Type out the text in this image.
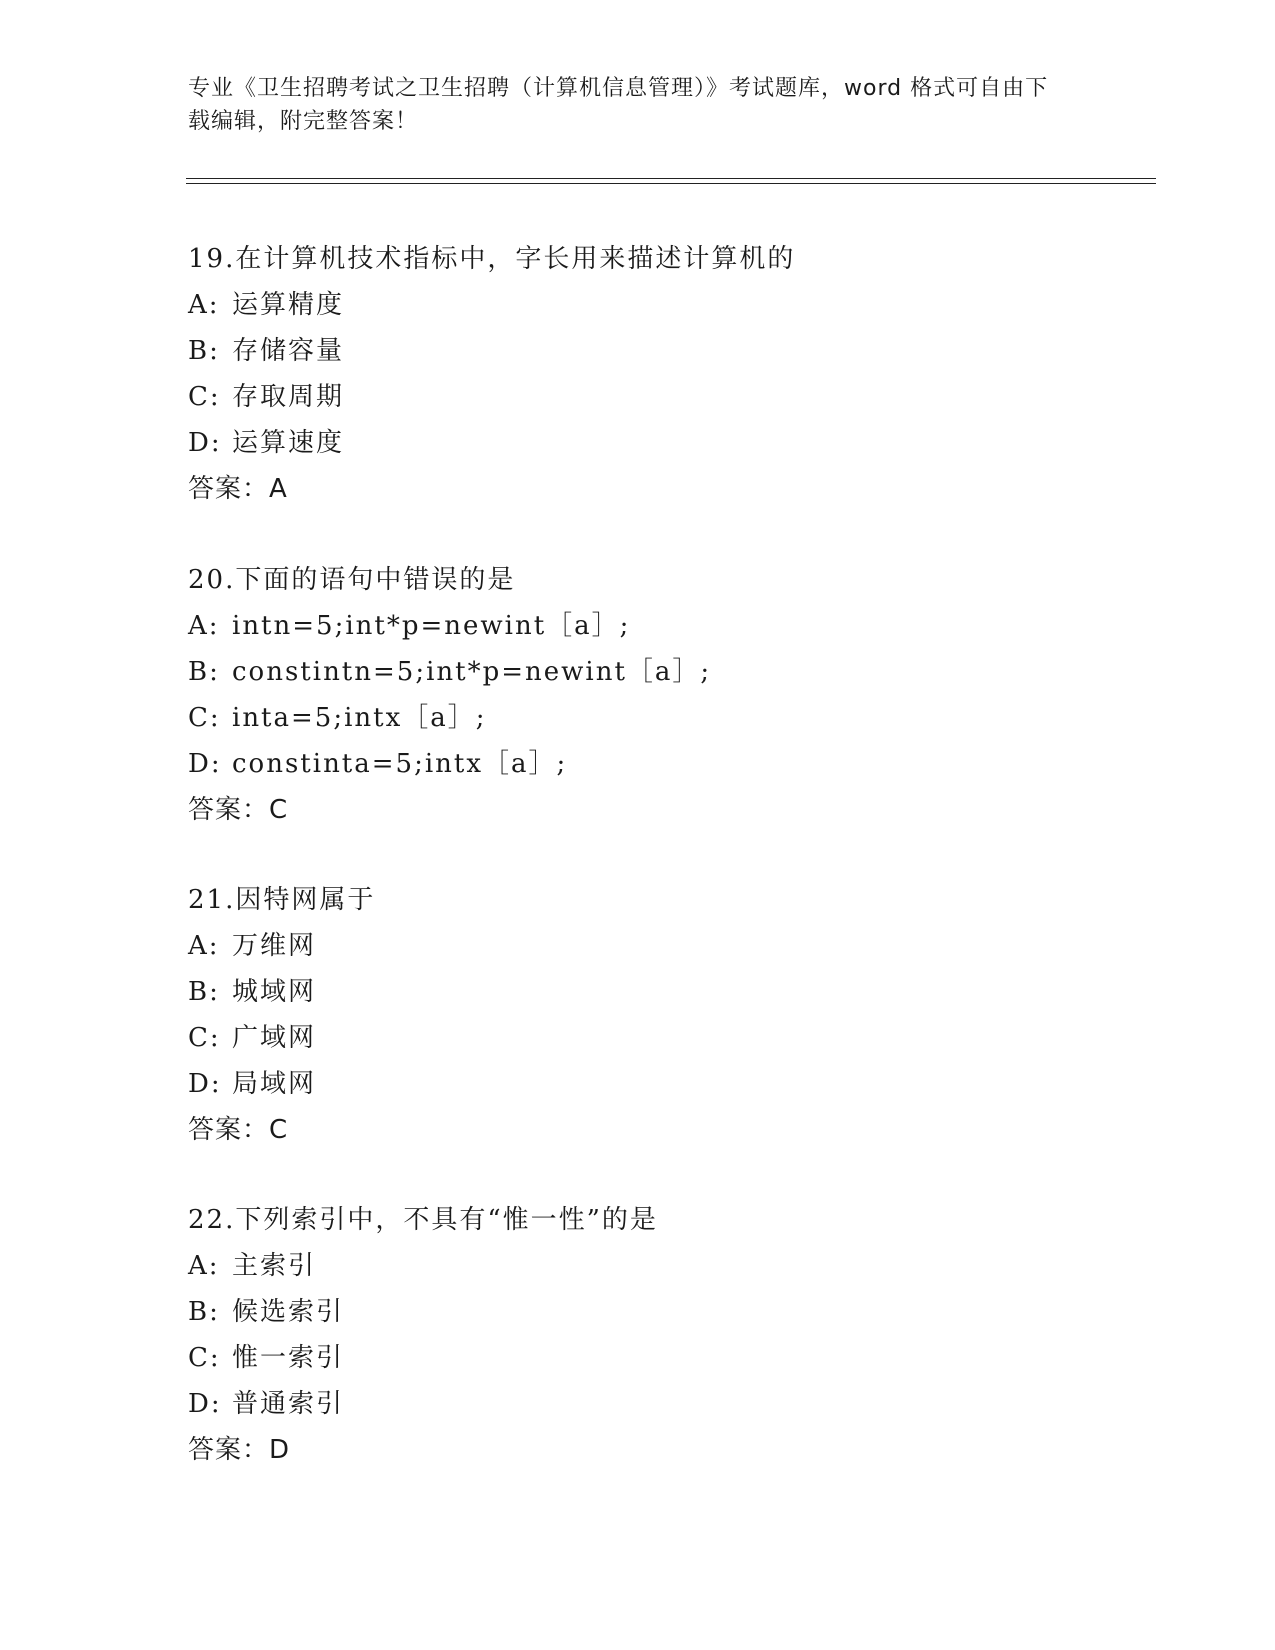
专业《卫生招聘考试之卫生招聘（计算机信息管理）》考试题库，word 格式可自由下载编辑，附完整答案！
19.在计算机技术指标中，字长用来描述计算机的
A: 运算精度
B: 存储容量
C: 存取周期
D: 运算速度
答案：A
20.下面的语句中错误的是
A: intn=5;int*p=newint［a］;
B: constintn=5;int*p=newint［a］;
C: inta=5;intx［a］;
D: constinta=5;intx［a］;
答案：C
21.因特网属于
A: 万维网
B: 城域网
C: 广域网
D: 局域网
答案：C
22.下列索引中，不具有“惟一性”的是
A: 主索引
B: 候选索引
C: 惟一索引
D: 普通索引
答案：D
